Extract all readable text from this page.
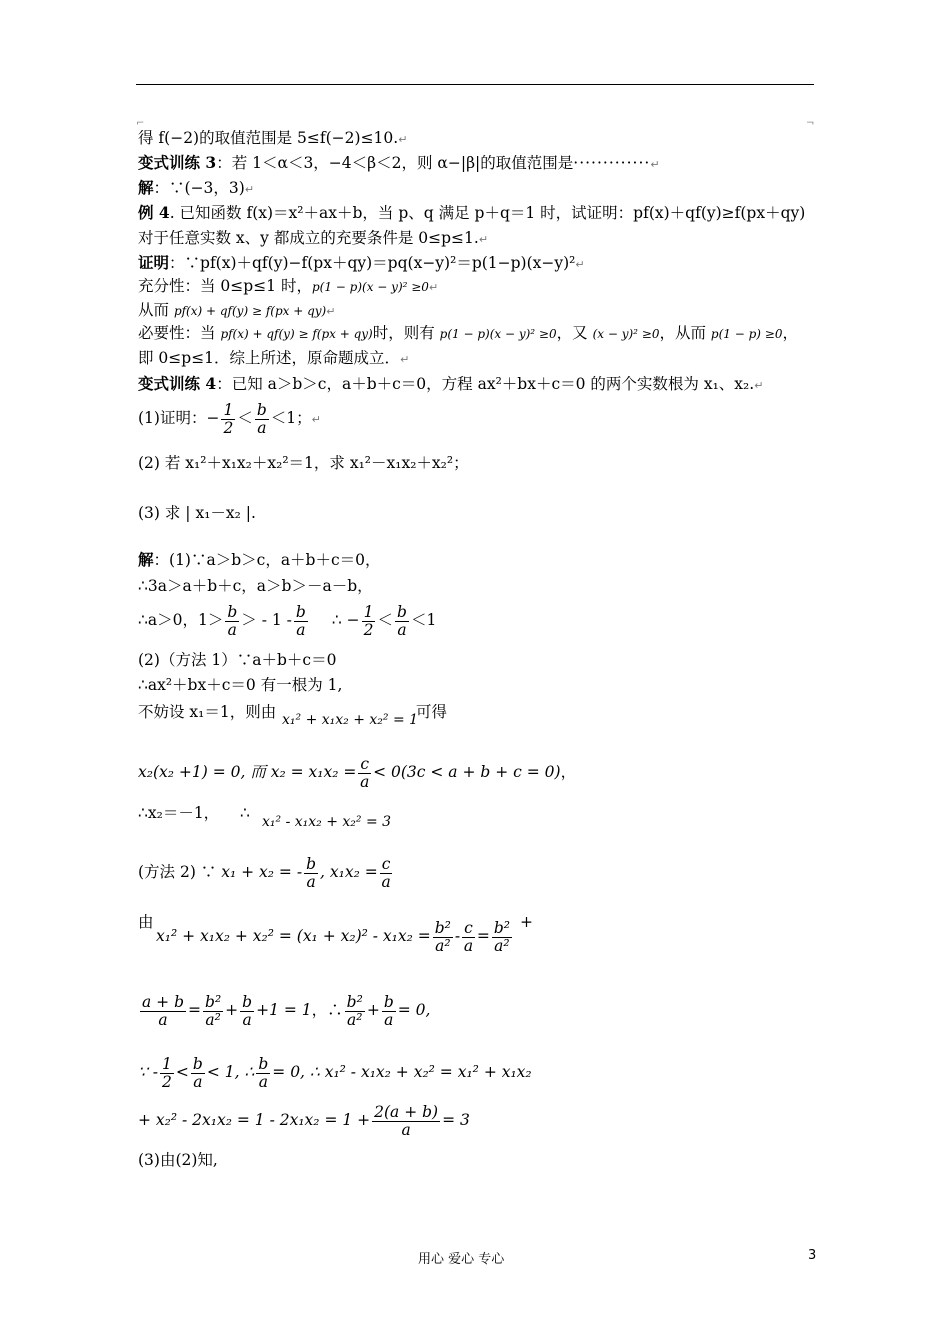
⌐	¬
得 f(−2)的取值范围是 5≤f(−2)≤10.↵
变式训练 3：若 1＜α＜3，−4＜β＜2，则 α−|β|的取值范围是·············↵
解：∵(−3，3)↵
例 4. 已知函数 f(x)＝x²＋ax＋b，当 p、q 满足 p＋q＝1 时，试证明：pf(x)＋qf(y)≥f(px＋qy)
对于任意实数 x、y 都成立的充要条件是 0≤p≤1.↵
证明：∵pf(x)＋qf(y)−f(px＋qy)＝pq(x−y)²＝p(1−p)(x−y)²↵
充分性：当 0≤p≤1 时，p(1 − p)(x − y)² ≥0↵
从而 pf(x) + qf(y) ≥ f(px + qy)↵
必要性：当 pf(x) + qf(y) ≥ f(px + qy)时，则有 p(1 − p)(x − y)² ≥0，又 (x − y)² ≥0，从而 p(1 − p) ≥0，
即 0≤p≤1．综上所述，原命题成立．↵
变式训练 4：已知 a＞b＞c，a＋b＋c＝0，方程 ax²＋bx＋c＝0 的两个实数根为 x₁、x₂.↵
(1)证明：− $\frac{1}{2} < \frac{b}{a} <1$；↵
(2) 若 x₁²＋x₁x₂＋x₂²＝1，求 x₁²－x₁x₂＋x₂²；
(3) 求 | x₁－x₂ |.
解：(1)∵a＞b＞c，a＋b＋c＝0，
∴3a＞a＋b＋c，a＞b＞－a－b，
∴a＞0，$1> \frac{b}{a}$ ＞ - $1 - \frac{b}{a}$ ∴ − $\frac{1}{2} < \frac{b}{a} <1$
(2)（方法 1）∵a＋b＋c＝0
∴ax²＋bx＋c＝0 有一根为 1,
不妨设 x₁＝1，则由 x₁² + x₁x₂ + x₂² = 1
可得
x₂(x₂ +1) = 0, 而 $x_2 = x_1x_2 = \frac{c}{a} < 0(3c < a + b + c = 0)$，
∴x₂＝－1， ∴ x₁² - x₁x₂ + x₂² = 3
(方法 2) ∵ x₁ + x₂ = - $\frac{b}{a}$ , $x_1x_2 = \frac{c}{a}$
由	+
$x_1^2 + x_1x_2 + x_2^2 = (x_1 + x_2)^2 - x_1x_2 = \frac{\text{b²}}{\text{a²}} - \frac{c}{a} = \frac{\text{b²}}{\text{a²}}$
$\frac{a + b}{a} = \frac{\text{b²}}{\text{a²}} + \frac{b}{a} +1 = 1$，∴ $\frac{\text{b²}}{\text{a²}} + \frac{b}{a} = 0$,
∵ - $\frac{1}{2} < \frac{b}{a} < 1$, ∴ $\frac{b}{a} = 0$, ∴ x₁² - x₁x₂ + x₂² = x₁² + x₁x₂
+ $x_2^2 - 2x_1x_2 = 1 - 2x_1x_2 = 1 + \frac{2(a + b)}{a} = 3$
(3)由(2)知,
用心 爱心 专心	3
